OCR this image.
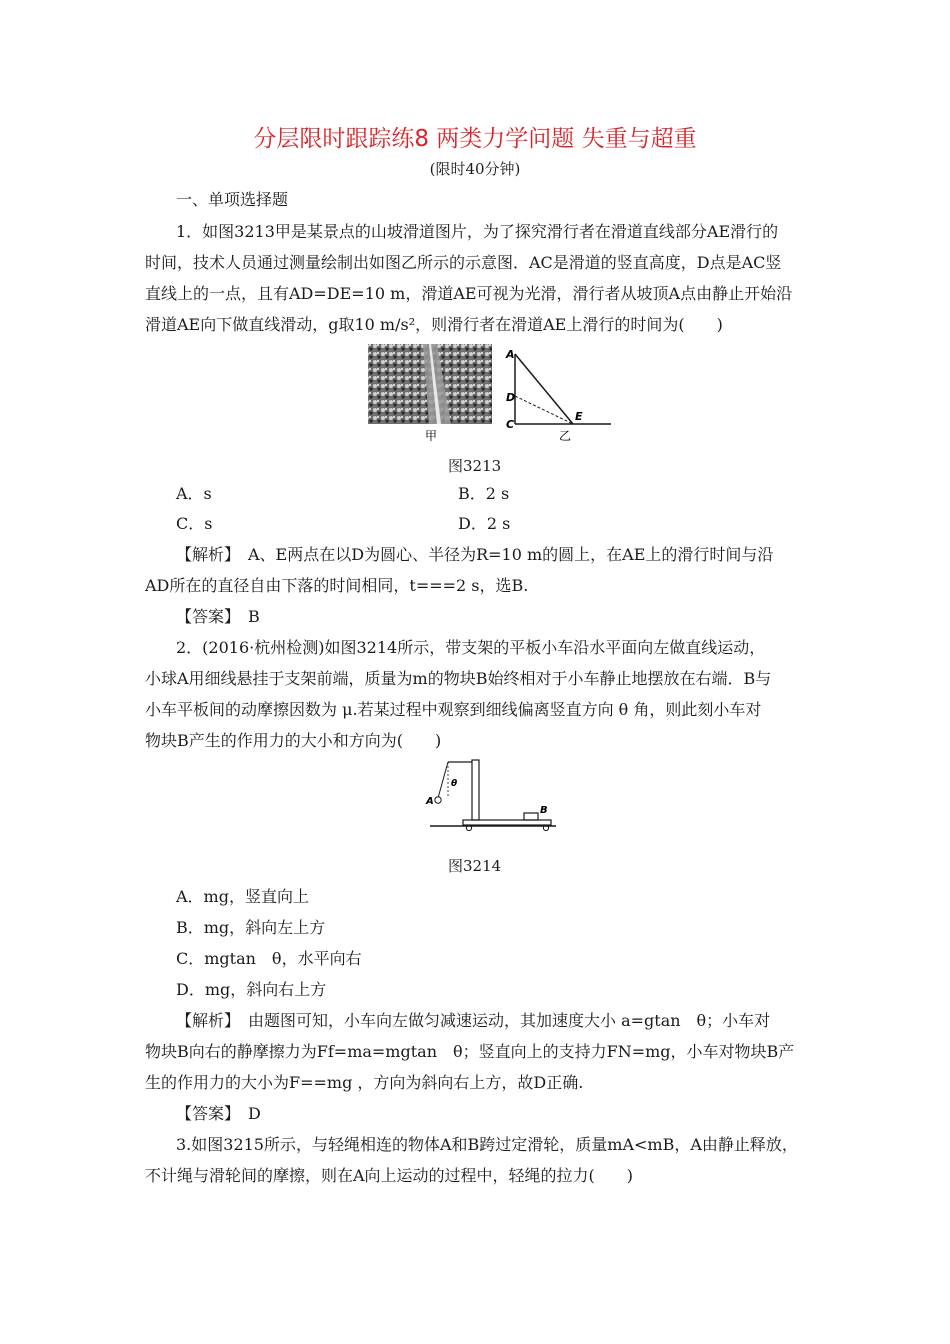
分层限时跟踪练8 两类力学问题 失重与超重
(限时40分钟)
一、单项选择题
1．如图3213甲是某景点的山坡滑道图片，为了探究滑行者在滑道直线部分AE滑行的
时间，技术人员通过测量绘制出如图乙所示的示意图．AC是滑道的竖直高度，D点是AC竖
直线上的一点，且有AD=DE=10 m，滑道AE可视为光滑，滑行者从坡顶A点由静止开始沿
滑道AE向下做直线滑动，g取10 m/s²，则滑行者在滑道AE上滑行的时间为(　　)
甲
A
D
C
E
乙
图3213
A．s	B．2 s
C．s	D．2 s
【解析】　A、E两点在以D为圆心、半径为R=10 m的圆上，在AE上的滑行时间与沿
AD所在的直径自由下落的时间相同，t===2 s，选B.
【答案】　B
2．(2016·杭州检测)如图3214所示，带支架的平板小车沿水平面向左做直线运动，
小球A用细线悬挂于支架前端，质量为m的物块B始终相对于小车静止地摆放在右端．B与
小车平板间的动摩擦因数为 μ.若某过程中观察到细线偏离竖直方向 θ 角，则此刻小车对
物块B产生的作用力的大小和方向为(　　)
A
θ
B
图3214
A．mg，竖直向上
B．mg，斜向左上方
C．mgtan　θ，水平向右
D．mg，斜向右上方
【解析】　由题图可知，小车向左做匀减速运动，其加速度大小 a=gtan　θ；小车对
物块B向右的静摩擦力为Ff=ma=mgtan　θ；竖直向上的支持力FN=mg，小车对物块B产
生的作用力的大小为F==mg ，方向为斜向右上方，故D正确.
【答案】　D
3.如图3215所示，与轻绳相连的物体A和B跨过定滑轮，质量mA<mB，A由静止释放，
不计绳与滑轮间的摩擦，则在A向上运动的过程中，轻绳的拉力(　　)
